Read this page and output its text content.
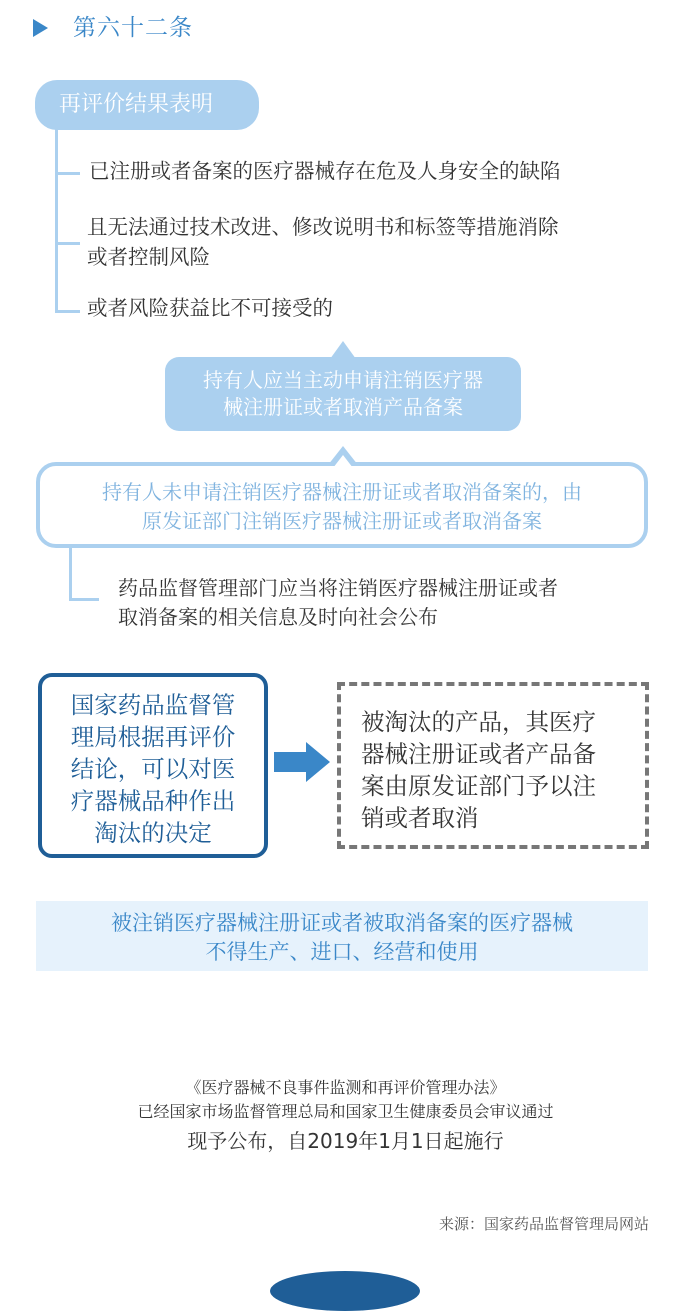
第六十二条
再评价结果表明
已注册或者备案的医疗器械存在危及人身安全的缺陷
且无法通过技术改进、修改说明书和标签等措施消除
或者控制风险
或者风险获益比不可接受的
持有人应当主动申请注销医疗器
械注册证或者取消产品备案
持有人未申请注销医疗器械注册证或者取消备案的，由
原发证部门注销医疗器械注册证或者取消备案
药品监督管理部门应当将注销医疗器械注册证或者
取消备案的相关信息及时向社会公布
国家药品监督管
理局根据再评价
结论，可以对医
疗器械品种作出
淘汰的决定
被淘汰的产品，其医疗
器械注册证或者产品备
案由原发证部门予以注
销或者取消
被注销医疗器械注册证或者被取消备案的医疗器械
不得生产、进口、经营和使用
《医疗器械不良事件监测和再评价管理办法》
已经国家市场监督管理总局和国家卫生健康委员会审议通过
现予公布，自2019年1月1日起施行
来源：国家药品监督管理局网站
